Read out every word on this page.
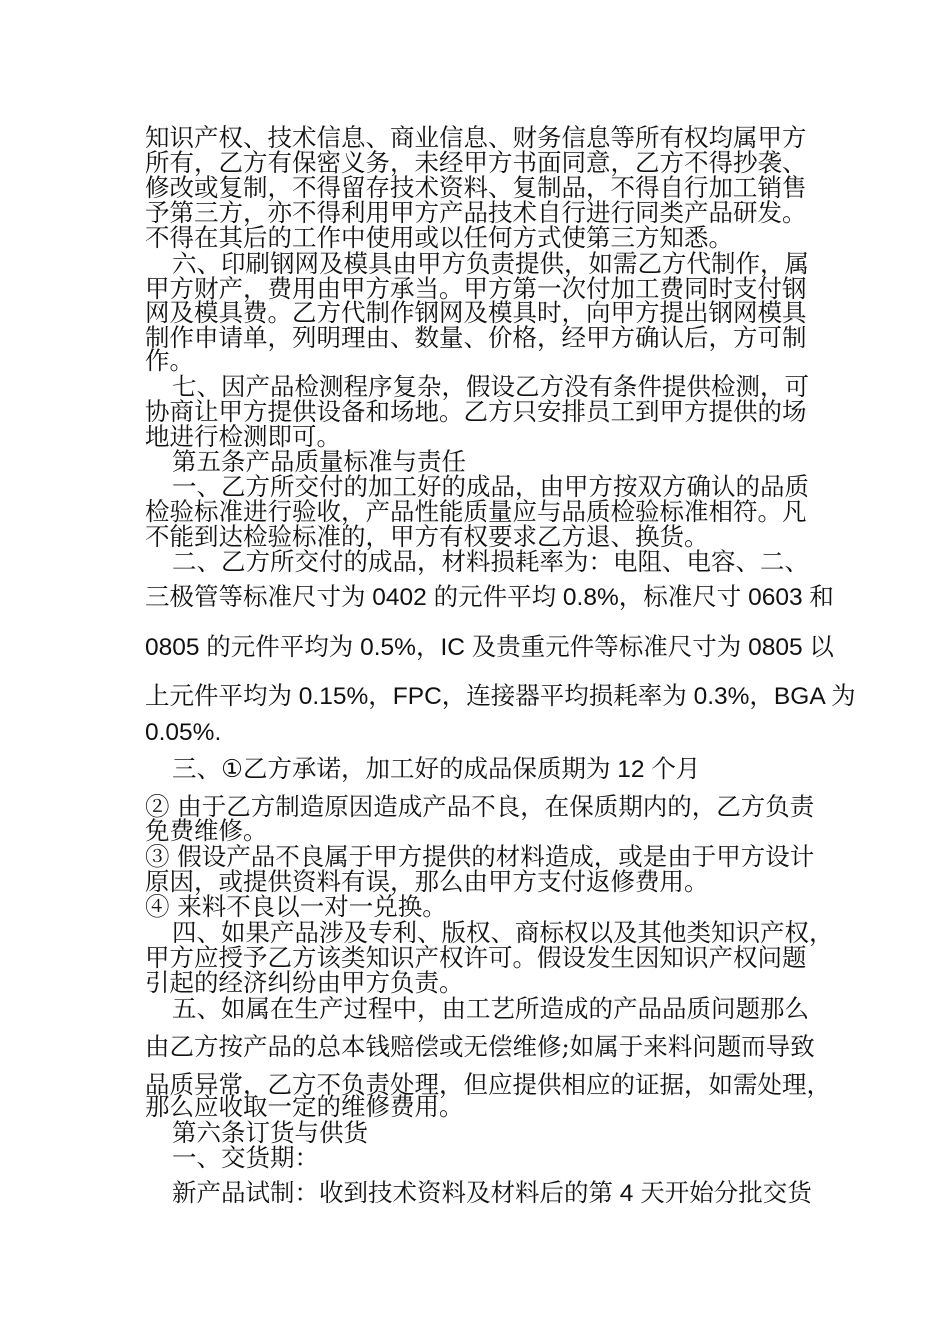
知识产权、技术信息、商业信息、财务信息等所有权均属甲方
所有，乙方有保密义务，未经甲方书面同意，乙方不得抄袭、
修改或复制，不得留存技术资料、复制品，不得自行加工销售
予第三方，亦不得利用甲方产品技术自行进行同类产品研发。
不得在其后的工作中使用或以任何方式使第三方知悉。
六、印刷钢网及模具由甲方负责提供，如需乙方代制作，属
甲方财产，费用由甲方承当。甲方第一次付加工费同时支付钢
网及模具费。乙方代制作钢网及模具时，向甲方提出钢网模具
制作申请单，列明理由、数量、价格，经甲方确认后，方可制
作。
七、因产品检测程序复杂，假设乙方没有条件提供检测，可
协商让甲方提供设备和场地。乙方只安排员工到甲方提供的场
地进行检测即可。
第五条产品质量标准与责任
一、乙方所交付的加工好的成品，由甲方按双方确认的品质
检验标准进行验收，产品性能质量应与品质检验标准相符。凡
不能到达检验标准的，甲方有权要求乙方退、换货。
二、乙方所交付的成品，材料损耗率为：电阻、电容、二、
三极管等标准尺寸为 0402 的元件平均 0.8%，标准尺寸 0603 和
0805 的元件平均为 0.5%，IC 及贵重元件等标准尺寸为 0805 以
上元件平均为 0.15%，FPC，连接器平均损耗率为 0.3%，BGA 为
0.05%.
三、①乙方承诺，加工好的成品保质期为 12 个月
② 由于乙方制造原因造成产品不良，在保质期内的，乙方负责
免费维修。
③ 假设产品不良属于甲方提供的材料造成，或是由于甲方设计
原因，或提供资料有误，那么由甲方支付返修费用。
④ 来料不良以一对一兑换。
四、如果产品涉及专利、版权、商标权以及其他类知识产权，
甲方应授予乙方该类知识产权许可。假设发生因知识产权问题
引起的经济纠纷由甲方负责。
五、如属在生产过程中，由工艺所造成的产品品质问题那么
由乙方按产品的总本钱赔偿或无偿维修;如属于来料问题而导致
品质异常，乙方不负责处理，但应提供相应的证据，如需处理，
那么应收取一定的维修费用。
第六条订货与供货
一、交货期：
新产品试制：收到技术资料及材料后的第 4 天开始分批交货
